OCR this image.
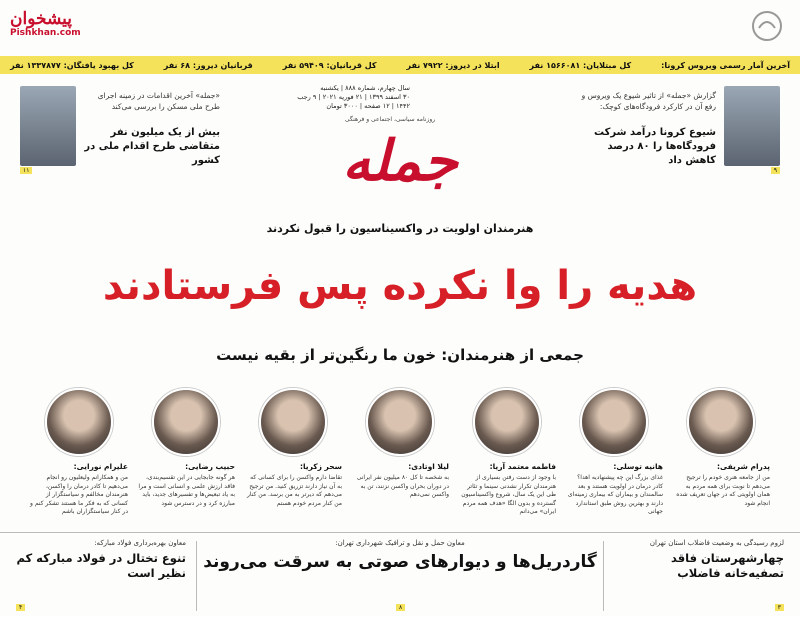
پیشخوان
Pishkhan.com
آخرین آمار رسمی ویروس کرونا:
کل مبتلایان: ۱۵۶۶۰۸۱ نفر
ابتلا در دیروز: ۷۹۲۲ نفر
کل قربانیان: ۵۹۴۰۹ نفر
قربانیان دیروز: ۶۸ نفر
کل بهبود یافتگان: ۱۳۳۷۸۷۷ نفر
گزارش «جمله» از تاثیر شیوع یک ویروس و رفع آن در کارکرد فرودگاه‌های کوچک:
شیوع کرونا درآمد شرکت فرودگاه‌ها را ۸۰ درصد کاهش داد
۹
«جمله» آخرین اقدامات در زمینه اجرای طرح ملی مسکن را بررسی می‌کند
بیش از یک میلیون نفر متقاضی طرح اقدام ملی در کشور
۱۱
سال چهارم، شماره ۸۸۸ | یکشنبه
۳۰ اسفند ۱۳۹۹ | ۲۱ فوریه ۲۰۲۱ | ۹ رجب ۱۴۴۲ | ۱۲ صفحه | ۳۰۰۰ تومان
روزنامه سیاسی، اجتماعی و فرهنگی
جمله
هنرمندان اولویت در واکسیناسیون را قبول نکردند
هدیه را وا نکرده پس فرستادند
جمعی از هنرمندان: خون ما رنگین‌تر از بقیه نیست
پدرام شریفی:
من از جامعه هنری خودم را ترجیح می‌دهم تا نوبت برای همه مردم به همان اولویتی که در جهان تعریف شده انجام شود
هانیه توسلی:
غذای بزرگ این چه پیشنهادیه اهدا؟ کادر درمان در اولویت هستند و بعد سالمندان و بیماران که بیماری زمینه‌ای دارند و بهترین روش طبق استاندارد جهانی
فاطمه معتمد آریا:
با وجود از دست رفتن بسیاری از هنرمندان تکرار نشدنی سینما و تئاتر طی این یک سال، شروع واکسیناسیون گسترده و بدون الگا «هدف همه مردم ایران» می‌دانم
لیلا اوتادی:
به شخصه تا کل ۸۰ میلیون نفر ایرانی در دوران بحران واکسن نزنند، تن به واکسن نمی‌دهم
سحر زکریا:
تقاضا دارم واکسن را برای کسانی که به آن نیاز دارند تزریق کنید. من ترجیح می‌دهم که دیرتر به من برسد. من کنار من کنار مردم خودم هستم
حبیب رضایی:
هر گونه جابجایی در این تقسیم‌بندی، فاقد ارزش علمی و انسانی است و مرا به یاد تبعیض‌ها و تفسیرهای جدید، باید مبارزه کرد و در دسترس شود
علیرام نورایی:
من و همکارانم ولیعلیون رو انجام می‌دهیم تا کادر درمان را واکسن، هنرمندان مخالفم و سیاستگزار از کسانی که به فکر ما هستند تشکر کنم و در کنار سیاستگزاران باشم
لزوم رسیدگی به وضعیت فاضلاب استان تهران
چهارشهرستان فاقد تصفیه‌خانه فاضلاب
۳
معاون حمل و نقل و ترافیک شهرداری تهران:
گاردریل‌ها و دیوارهای صوتی به سرقت می‌روند
۸
معاون بهره‌برداری فولاد مبارکه:
تنوع تختال در فولاد مبارکه کم نظیر است
۴
